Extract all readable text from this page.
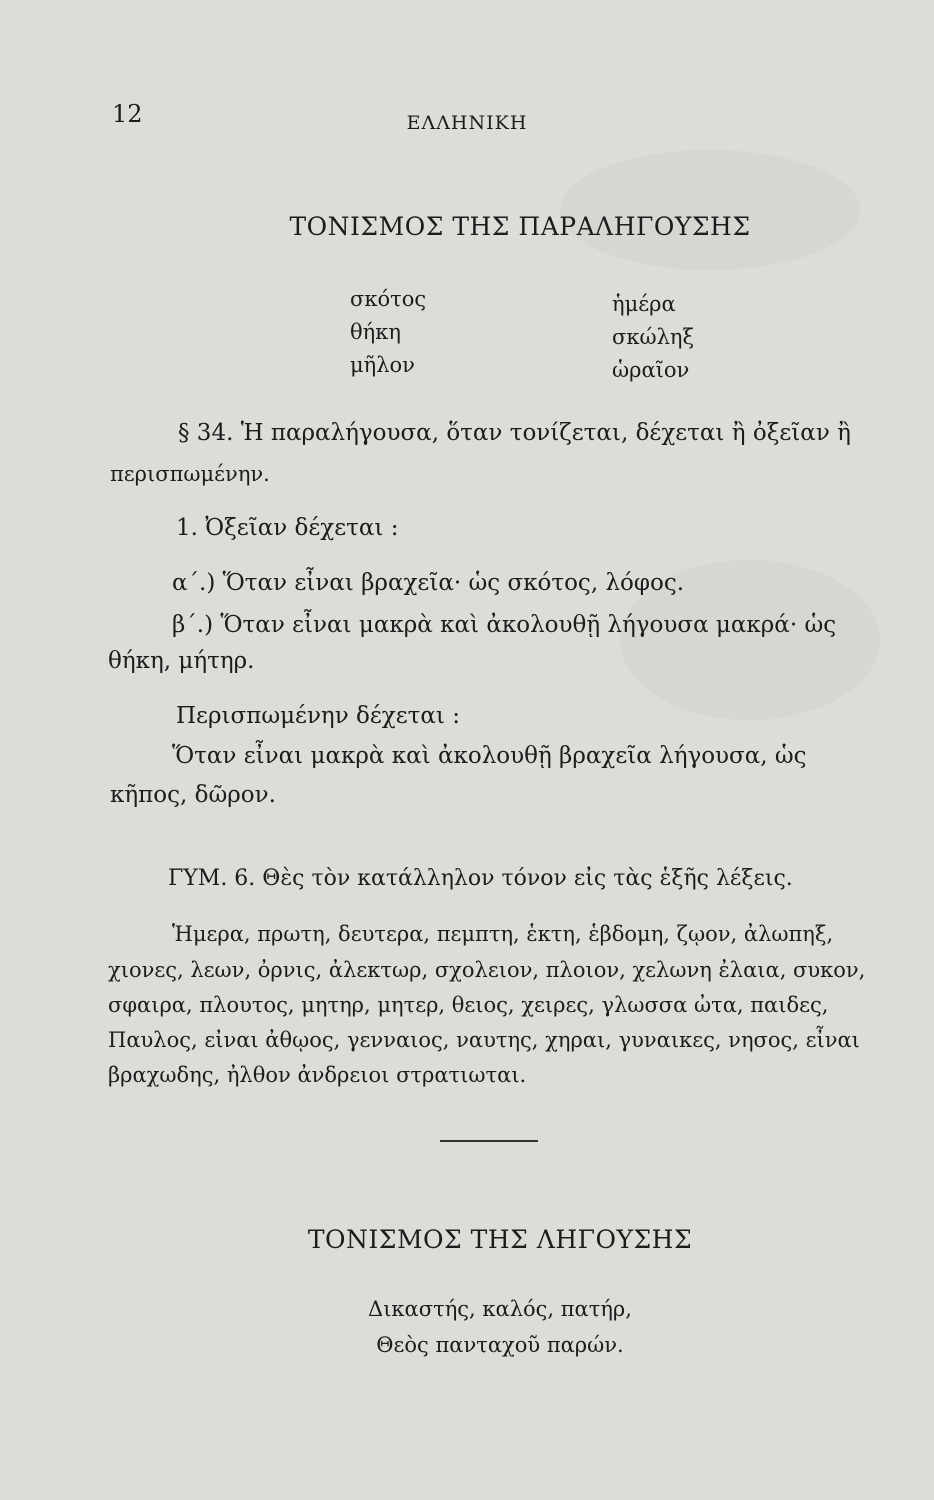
12	ΕΛΛΗΝΙΚΗ
ΤΟΝΙΣΜΟΣ ΤΗΣ ΠΑΡΑΛΗΓΟΥΣΗΣ
σκότος
θήκη
μῆλον
ἡμέρα
σκώληξ
ὡραῖον
§ 34. Ἡ παραλήγουσα, ὅταν τονίζεται, δέχεται ἢ ὀξεῖαν ἢ
περισπωμένην.
1. Ὀξεῖαν δέχεται :
α΄.) Ὅταν εἶναι βραχεῖα· ὡς σκότος, λόφος.
β΄.) Ὅταν εἶναι μακρὰ καὶ ἀκολουθῇ λήγουσα μακρά· ὡς
θήκη, μήτηρ.
Περισπωμένην δέχεται :
Ὅταν εἶναι μακρὰ καὶ ἀκολουθῇ βραχεῖα λήγουσα, ὡς
κῆπος, δῶρον.
ΓΥΜ. 6. Θὲς τὸν κατάλληλον τόνον εἰς τὰς ἑξῆς λέξεις.
Ἡμερα, πρωτη, δευτερα, πεμπτη, ἑκτη, ἑβδομη, ζῳον, ἀλωπηξ,
χιονες, λεων, ὀρνις, ἀλεκτωρ, σχολειον, πλοιον, χελωνη ἐλαια, συκον,
σφαιρα, πλουτος, μητηρ, μητερ, θειος, χειρες, γλωσσα ὠτα, παιδες,
Παυλος, εἰναι ἀθῳος, γενναιος, ναυτης, χηραι, γυναικες, νησος, εἶναι
βραχωδης, ἠλθον ἀνδρειοι στρατιωται.
ΤΟΝΙΣΜΟΣ ΤΗΣ ΛΗΓΟΥΣΗΣ
Δικαστής, καλός, πατήρ,
Θεὸς πανταχοῦ παρών.
